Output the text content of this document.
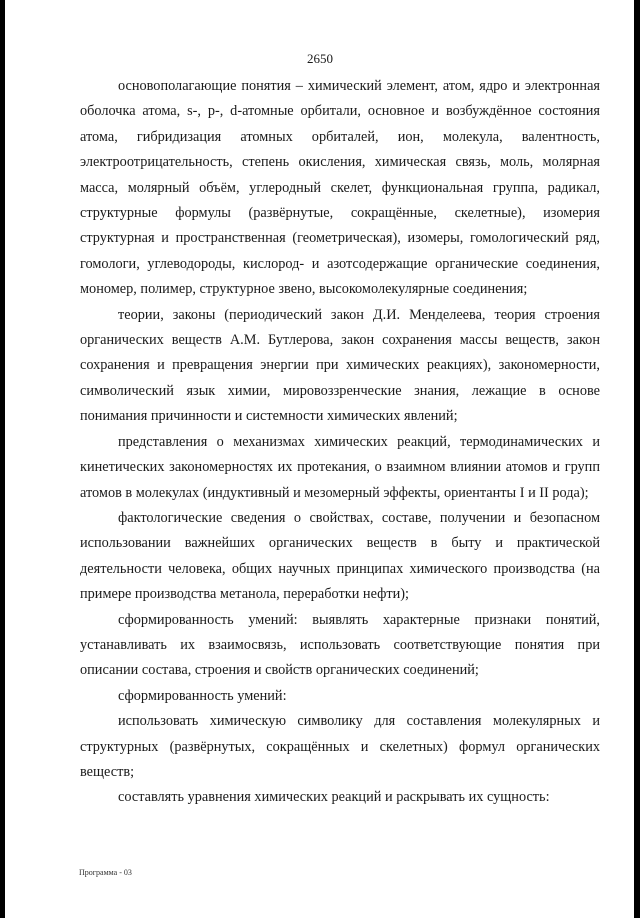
2650

основополагающие понятия – химический элемент, атом, ядро и электронная оболочка атома, s-, p-, d-атомные орбитали, основное и возбуждённое состояния атома, гибридизация атомных орбиталей, ион, молекула, валентность, электроотрицательность, степень окисления, химическая связь, моль, молярная масса, молярный объём, углеродный скелет, функциональная группа, радикал, структурные формулы (развёрнутые, сокращённые, скелетные), изомерия структурная и пространственная (геометрическая), изомеры, гомологический ряд, гомологи, углеводороды, кислород- и азотсодержащие органические соединения, мономер, полимер, структурное звено, высокомолекулярные соединения;

теории, законы (периодический закон Д.И. Менделеева, теория строения органических веществ А.М. Бутлерова, закон сохранения массы веществ, закон сохранения и превращения энергии при химических реакциях), закономерности, символический язык химии, мировоззренческие знания, лежащие в основе понимания причинности и системности химических явлений;

представления о механизмах химических реакций, термодинамических и кинетических закономерностях их протекания, о взаимном влиянии атомов и групп атомов в молекулах (индуктивный и мезомерный эффекты, ориентанты I и II рода);

фактологические сведения о свойствах, составе, получении и безопасном использовании важнейших органических веществ в быту и практической деятельности человека, общих научных принципах химического производства (на примере производства метанола, переработки нефти);

сформированность умений: выявлять характерные признаки понятий, устанавливать их взаимосвязь, использовать соответствующие понятия при описании состава, строения и свойств органических соединений;

сформированность умений:

использовать химическую символику для составления молекулярных и структурных (развёрнутых, сокращённых и скелетных) формул органических веществ;

составлять уравнения химических реакций и раскрывать их сущность:

Программа - 03
